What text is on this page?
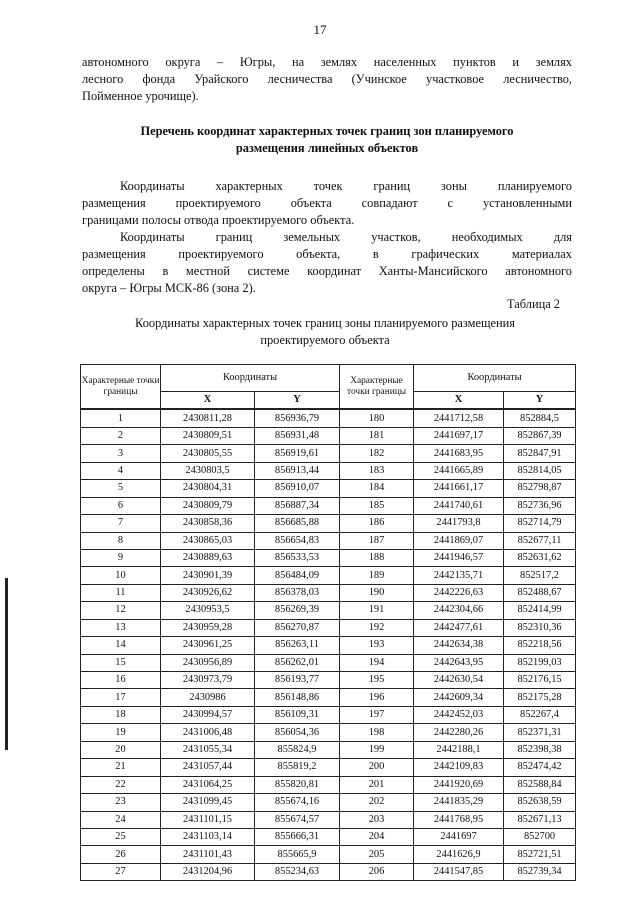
17
автономного округа – Югры, на землях населенных пунктов и землях
лесного фонда Урайского лесничества (Учинское участковое лесничество,
Пойменное урочище).
Перечень координат характерных точек границ зон планируемого
размещения линейных объектов
Координаты характерных точек границ зоны планируемого
размещения проектируемого объекта совпадают с установленными
границами полосы отвода проектируемого объекта.
Координаты границ земельных участков, необходимых для
размещения проектируемого объекта, в графических материалах
определены в местной системе координат Ханты-Мансийского автономного
округа – Югры МСК-86 (зона 2).
Таблица 2
Координаты характерных точек границ зоны планируемого размещения
проектируемого объекта
Характерные точки границы	Координаты		Характерные точки границы	Координаты	
	X	Y		X	Y
1	2430811,28	856936,79	180	2441712,58	852884,5
2	2430809,51	856931,48	181	2441697,17	852867,39
3	2430805,55	856919,61	182	2441683,95	852847,91
4	2430803,5	856913,44	183	2441665,89	852814,05
5	2430804,31	856910,07	184	2441661,17	852798,87
6	2430809,79	856887,34	185	2441740,61	852736,96
7	2430858,36	856685,88	186	2441793,8	852714,79
8	2430865,03	856654,83	187	2441869,07	852677,11
9	2430889,63	856533,53	188	2441946,57	852631,62
10	2430901,39	856484,09	189	2442135,71	852517,2
11	2430926,62	856378,03	190	2442226,63	852488,67
12	2430953,5	856269,39	191	2442304,66	852414,99
13	2430959,28	856270,87	192	2442477,61	852310,36
14	2430961,25	856263,11	193	2442634,38	852218,56
15	2430956,89	856262,01	194	2442643,95	852199,03
16	2430973,79	856193,77	195	2442630,54	852176,15
17	2430986	856148,86	196	2442609,34	852175,28
18	2430994,57	856109,31	197	2442452,03	852267,4
19	2431006,48	856054,36	198	2442280,26	852371,31
20	2431055,34	855824,9	199	2442188,1	852398,38
21	2431057,44	855819,2	200	2442109,83	852474,42
22	2431064,25	855820,81	201	2441920,69	852588,84
23	2431099,45	855674,16	202	2441835,29	852638,59
24	2431101,15	855674,57	203	2441768,95	852671,13
25	2431103,14	855666,31	204	2441697	852700
26	2431101,43	855665,9	205	2441626,9	852721,51
27	2431204,96	855234,63	206	2441547,85	852739,34
